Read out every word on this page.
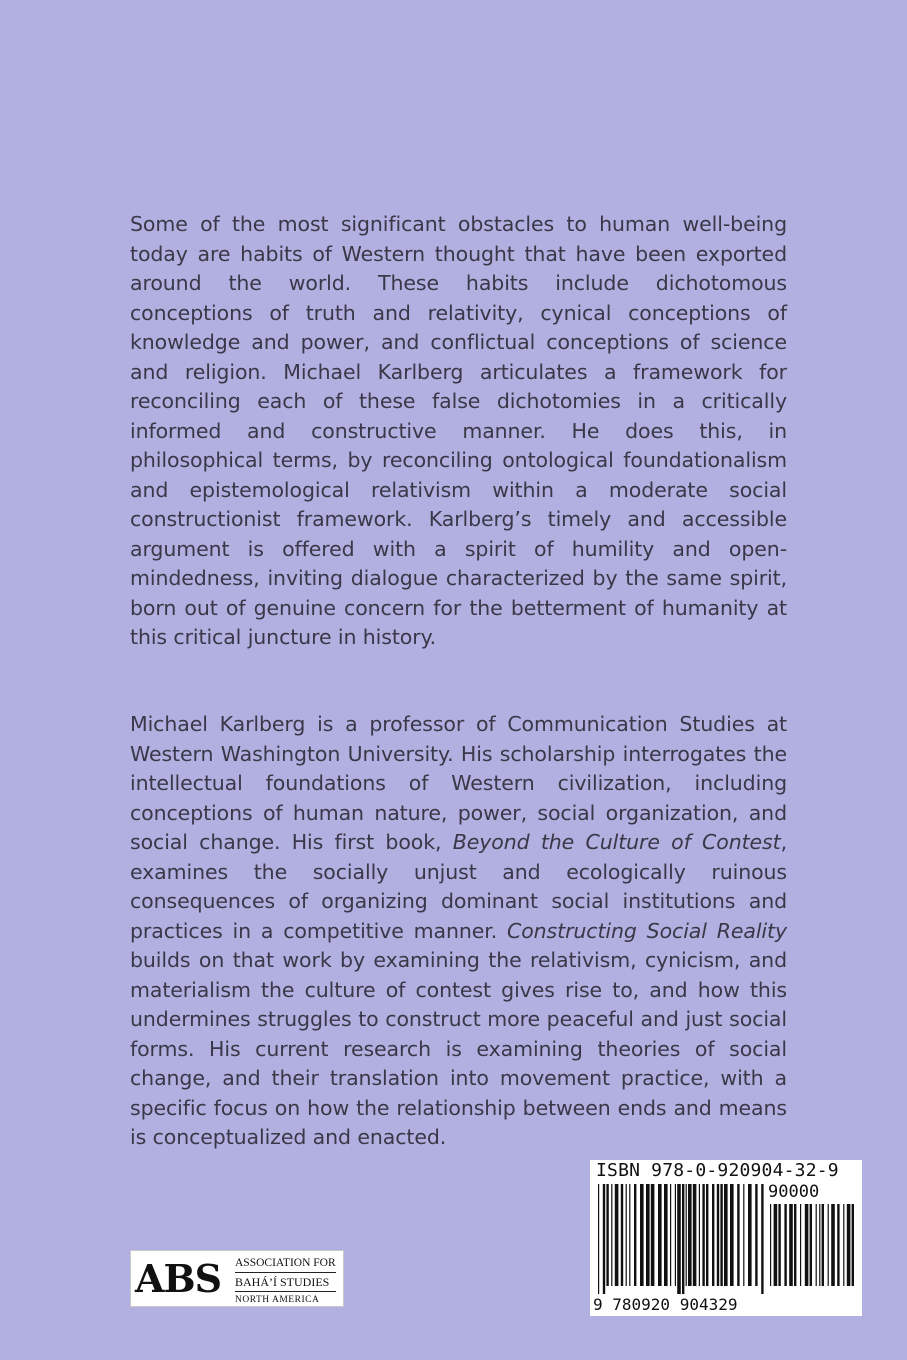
Some of the most significant obstacles to human well-being today are habits of Western thought that have been exported around the world. These habits include dichotomous conceptions of truth and relativity, cynical conceptions of knowledge and power, and conflictual conceptions of science and religion. Michael Karlberg articulates a framework for reconciling each of these false dichotomies in a critically informed and constructive manner. He does this, in philosophical terms, by reconciling ontological foundationalism and epistemological relativism within a moderate social constructionist framework. Karlberg’s timely and accessible argument is offered with a spirit of humility and open-mindedness, inviting dialogue characterized by the same spirit, born out of genuine concern for the betterment of humanity at this critical juncture in history.

Michael Karlberg is a professor of Communication Studies at Western Washington University. His scholarship interrogates the intellectual foundations of Western civilization, including conceptions of human nature, power, social organization, and social change. His first book, Beyond the Culture of Contest, examines the socially unjust and ecologically ruinous consequences of organizing dominant social institutions and practices in a competitive manner. Constructing Social Reality builds on that work by examining the relativism, cynicism, and materialism the culture of contest gives rise to, and how this undermines struggles to construct more peaceful and just social forms. His current research is examining theories of social change, and their translation into movement practice, with a specific focus on how the relationship between ends and means is conceptualized and enacted.

ABS ASSOCIATION FOR
BAHÁ’Í STUDIES
NORTH AMERICA
ISBN 978-0-920904-32-9
90000
9 780920 904329
